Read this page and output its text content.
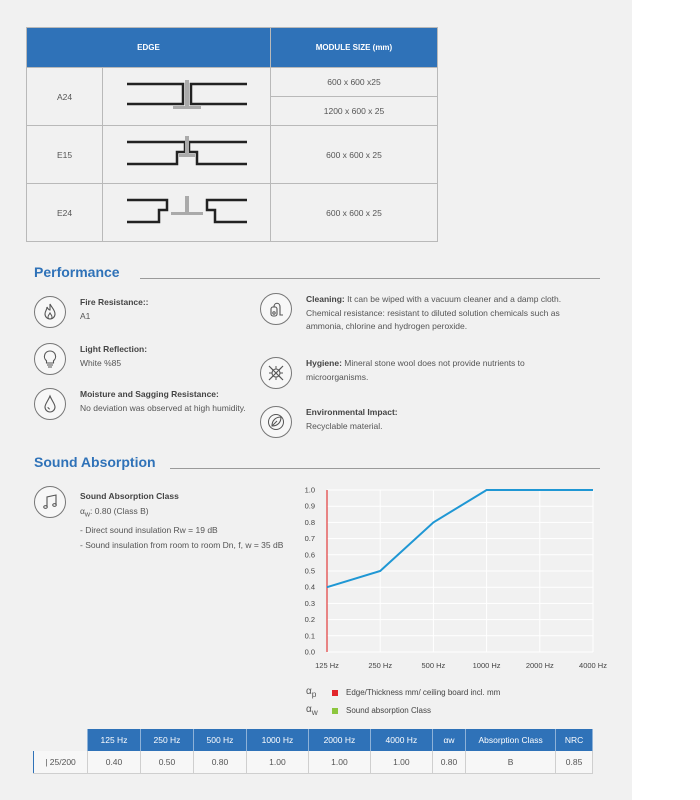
EDGE		MODULE SIZE (mm)
A24		600 x 600 x25
		1200 x 600 x 25
E15		600 x 600 x 25
E24		600 x 600 x 25
Performance
Fire Resistance::
A1
Light Reflection:
White %85
Moisture and Sagging Resistance:
No deviation was observed at high humidity.
Cleaning: It can be wiped with a vacuum cleaner and a damp cloth. Chemical resistance: resistant to diluted solution chemicals such as ammonia, chlorine and hydrogen peroxide.
Hygiene: Mineral stone wool does not provide nutrients to microorganisms.
Environmental Impact:
Recyclable material.
Sound Absorption
Sound Absorption Class
$\alpha_w$: 0.80 (Class B)
- Direct sound insulation Rw = 19 dB
- Sound insulation from room to room Dn, f, w = 35 dB
0.0
0.1
0.2
0.3
0.4
0.5
0.6
0.7
0.8
0.9
1.0
125 Hz	250 Hz	500 Hz	1000 Hz	2000 Hz	4000 Hz
$\alpha_p$	Edge/Thickness mm/ ceiling board incl. mm
$\alpha_w$	Sound absorption Class
	125 Hz	250 Hz	500 Hz	1000 Hz	2000 Hz	4000 Hz	αw	Absorption Class	NRC
| 25/200	0.40	0.50	0.80	1.00	1.00	1.00	0.80	B	0.85
